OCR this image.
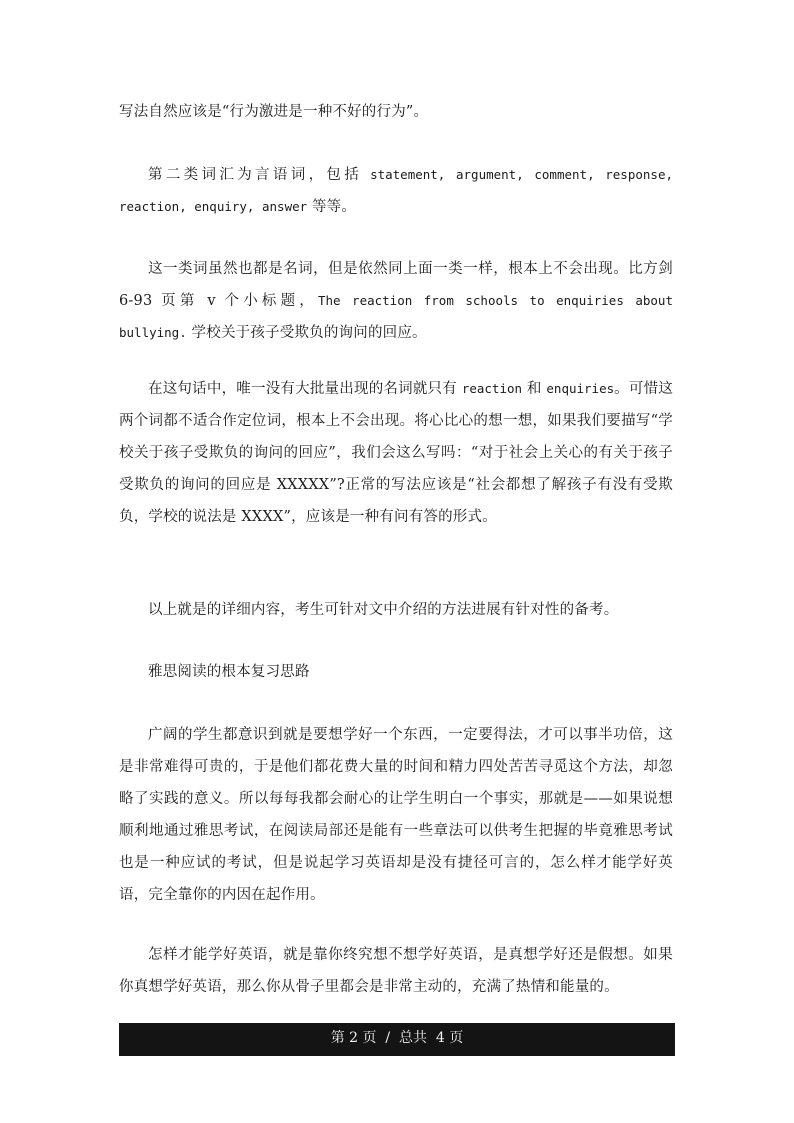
写法自然应该是“行为激进是一种不好的行为”。

第二类词汇为言语词，包括 statement, argument, comment, response, reaction, enquiry, answer 等等。

这一类词虽然也都是名词，但是依然同上面一类一样，根本上不会出现。比方剑 6-93 页第 v 个小标题，The reaction from schools to enquiries about bullying. 学校关于孩子受欺负的询问的回应。

在这句话中，唯一没有大批量出现的名词就只有 reaction 和 enquiries。可惜这两个词都不适合作定位词，根本上不会出现。将心比心的想一想，如果我们要描写“学校关于孩子受欺负的询问的回应”，我们会这么写吗：“对于社会上关心的有关于孩子受欺负的询问的回应是 XXXXX”?正常的写法应该是“社会都想了解孩子有没有受欺负，学校的说法是 XXXX”，应该是一种有问有答的形式。

以上就是的详细内容，考生可针对文中介绍的方法进展有针对性的备考。

雅思阅读的根本复习思路

广阔的学生都意识到就是要想学好一个东西，一定要得法，才可以事半功倍，这是非常难得可贵的，于是他们都花费大量的时间和精力四处苦苦寻觅这个方法，却忽略了实践的意义。所以每每我都会耐心的让学生明白一个事实，那就是——如果说想顺利地通过雅思考试，在阅读局部还是能有一些章法可以供考生把握的毕竟雅思考试也是一种应试的考试，但是说起学习英语却是没有捷径可言的，怎么样才能学好英语，完全靠你的内因在起作用。

怎样才能学好英语，就是靠你终究想不想学好英语，是真想学好还是假想。如果你真想学好英语，那么你从骨子里都会是非常主动的，充满了热情和能量的。

第 2 页  /  总共  4 页
